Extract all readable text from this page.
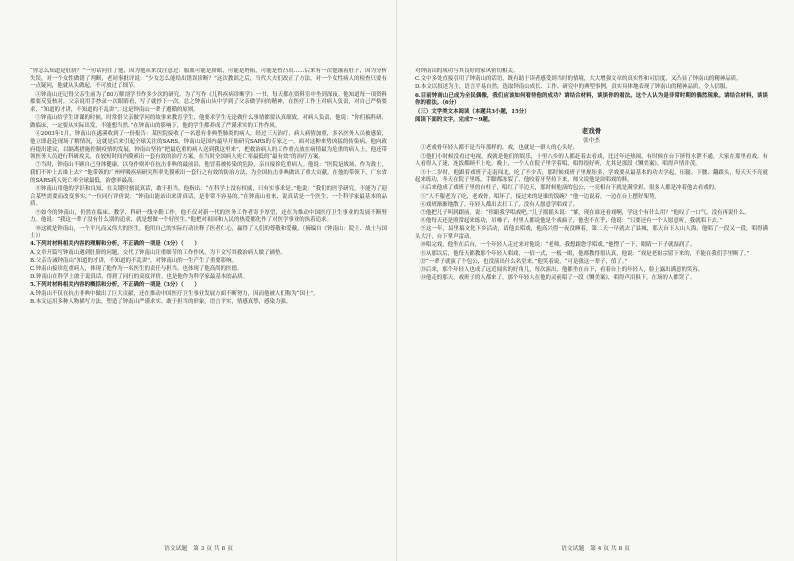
“你怎么知道是肚脐？”一句话问住了他，因为他从来没注意过：服血可能是脐眼，可能是坍陷，可能是暂凸出……后来有一次他饿着肚子，因为分析失误，对一个女性做错了判断，老同事批评说：“少女怎么能给出错误诊断？”这次教训之后，当代大夫们改正了方法，对一个女性病人的检查只要有一点疑问，他就从头做起，不可放过了细节。

④钟南山还记得父亲生前为了80万解剖学书作多少次的研究。为了写作《儿科疾病诊断学》一书，每天都在资料室中坐到深夜。他知道每一项资料都要反复核对，父亲说用手抄录一次眼睛看，写了就抄下一次。总之钟南山从中学到了父亲做学问的精神，在医疗工作上对病人负责，对自己严格要求，“知道的才讲，不知道的不乱讲”，这是钟南山一辈子遵循的原则。

⑤钟南山给学生讲课的时候，时常借父亲做学问的故事来教育学生，他要求学生无论做什么事情都要认真细致，对病人负责，他说：“你们搞科研、做临床，一定要从实际出发，不能想当然。”在钟南山的影响下，他的学生都养成了严谨求实的工作作风。

⑥2003年1月，钟南山在遂溪收到了一份报告：某医院接收了一名患有非典型肺炎的病人，经过三天治疗，病人病情加重，多名医务人员被感染，他立即赶赴现场了解情况，这就是后来引起全球关注的SARS，钟南山是国内最早开始研究SARS的专家之一。面对这种来势凶猛的传染病，他向政府提出建议，以隔离措施控制疫情的发展，钟南山坚持“把最危重的病人送到我这里来”，把救治病人的工作重点放在病情最为危重的病人上，他还带领医务人员进行科研攻关，在较短时间内摸索出一套有效的治疗方案，在当时全国病人死亡率最低的“最有效”的治疗方案。

⑦当时，钟南山不顾自己身体健康，以身作则冲在抗击非典的最前沿，他冒着被传染的危险，亲自接诊危重病人。他说：“医院是战场，作为战士，我们不冲上去谁上去？”他带领的广州呼吸疾病研究所率先摸索出一套行之有效的防治方法，为全国抗击非典做出了重大贡献。在他的带领下，广东省的SARS病人死亡率全球最低，治愈率最高。

⑧钟南山用他的学识和良知，在关键时刻说真话，敢于担当。他指出：“在科学上没有权威，只有实事求是。”他说：“我们的医学研究，不能为了迎合某些需要而改变事实。”一位同行评价说：“钟南山能站出来讲真话，是非常不容易的。”在钟南山看来，说真话是一个医生、一个科学家最基本的品质。

⑨如今的钟南山，仍然在临床、教学、科研一线辛勤工作，他不仅对新一代的医务工作者寄予厚望，还在为推动中国医疗卫生事业的发展不断努力。他说：“我这一辈子没有什么别的追求，就是想做一个好医生。”他把对祖国和人民的热爱都化作了对医学事业的执着追求。

⑩这就是钟南山，一个平凡而又伟大的医生，他用自己的实际行动诠释了医者仁心，赢得了人们的尊敬和爱戴。（摘编自《钟南山：院士、战士与国士》）

4.下列对材料相关内容的理解和分析，不正确的一项是（3分）（　　）

A.文章开篇写钟南山遇到肚脐的问题，交代了钟南山注重细节的工作作风，为下文写其救治病人做了铺垫。

B.父亲告诫钟南山“知道的才讲，不知道的不乱讲”，对钟南山的一生产生了重要影响。

C.钟南山接诊危重病人，体现了他作为一名医生的责任与担当，也体现了他高尚的医德。

D.钟南山在科学上敢于说真话，得到了同行的高度评价，也是他作为科学家最基本的品质。

5.下列对材料相关内容的概括和分析，不正确的一项是（3分）（　　）

A.钟南山不仅在抗击非典中做出了巨大贡献，还在推动中国医疗卫生事业发展方面不断努力，因而他被人们称为“国士”。

B.本文运用多种人物描写方法，塑造了钟南山严谨求实、敢于担当的形象，语言平实，情感真挚，感染力强。

语文试题　第 3 页 共 8 页

对钟南山的成功与其良好的家风密切相关。

C.文中多处直接引用了钟南山的话语，既有助于读者感受到当时的情境，大大增强文章的真实性和可信度，又凸显了钟南山的精神品质。

D.本文以叙述为主，语言平易自然，选取钟南山成长、工作、研究中的典型事例，真实具体地表现了钟南山的精神品质，令人信服。

6.目前钟南山已成为全民偶像，我们应该如何看待他的成功？请结合材料，谈谈你的看法。这个人认为是非常时期的偶然现象。请结合材料，谈谈你的看法。（6分）

（三）文学类文本阅读（本题共3小题，15分）

阅读下面的文字，完成7～9题。

老戏骨

张中杰

①老戏骨年轻人都不是当年那样的。戏，也就是一群人的心头好。

②他们小时候没看过电视，戏就是他们的娱乐，十里八乡的人都赶着去看戏，比过年还热闹，有时候在台下挤得水泄不通，大家在那里看戏，有人看得入了迷，连饭都顾不上吃，晚上，一个人在院子里学着唱，唱得很好听，尤其是那段《铡美案》，唱得声情并茂。

③十二岁时，他跟着戏班子走南闯北，吃了不少苦，那时候戏班子里规矩多，学戏要从最基本的功夫学起，压腿、下腰、翻跟头，每天天不亮就起来练功，冬天在院子里练，手脚都冻裂了，他咬着牙坚持下来，师父说他是块唱戏的料。

④后来他成了戏班子里的台柱子，唱红了半边天，那时候他演的包公，一亮相台下就是满堂彩，很多人都是冲着他去看戏的。

⑤“人不服老为了吃，老戏骨，唱坏了，接过来的是谁的饭碗？”他一边说着，一边在台上摆好架势。

⑥戏班渐渐地散了，年轻人都出去打工了，没有人愿意学唱戏了。

⑦他把儿子叫到跟前，说：“你跟我学唱戏吧。”儿子摇摇头说：“爹，现在谁还看戏啊，学这个有什么用？”他叹了一口气，没有再说什么。

⑧他每天还是照常起来练功，吊嗓子，村里人都说他是个戏疯子，他也不在乎，他说：“只要还有一个人愿意听，我就唱下去。”

⑨这一年，县里搞文化下乡活动，请他去唱戏，他高兴得一夜没睡着，第二天一早就去了县城，那天台下人山人海，他唱了一段又一段，唱得满头大汗，台下掌声雷动。

⑩唱完戏，他坐在后台，一个年轻人走过来对他说：“老师，我想跟您学唱戏。”他愣了一下，眼睛一下子就湿润了。

⑪从那以后，他每天都教那个年轻人唱戏，一招一式，一板一眼，他都教得很认真，他说：“戏是老祖宗留下来的，不能在我们手里断了。”

⑫“一辈子就演了个包公，也没演出什么名堂来，”他笑着说，“可是我这一辈子，值了。”

⑬后来，那个年轻人也成了远近闻名的好角儿，每次演出，他都坐在台下，看着台上的年轻人，脸上露出满意的笑容。

⑭他走的那天，戏班子的人都来了，那个年轻人在他的灵前唱了一段《铡美案》，唱得声泪俱下，在场的人都哭了。

语文试题　第 4 页 共 8 页
